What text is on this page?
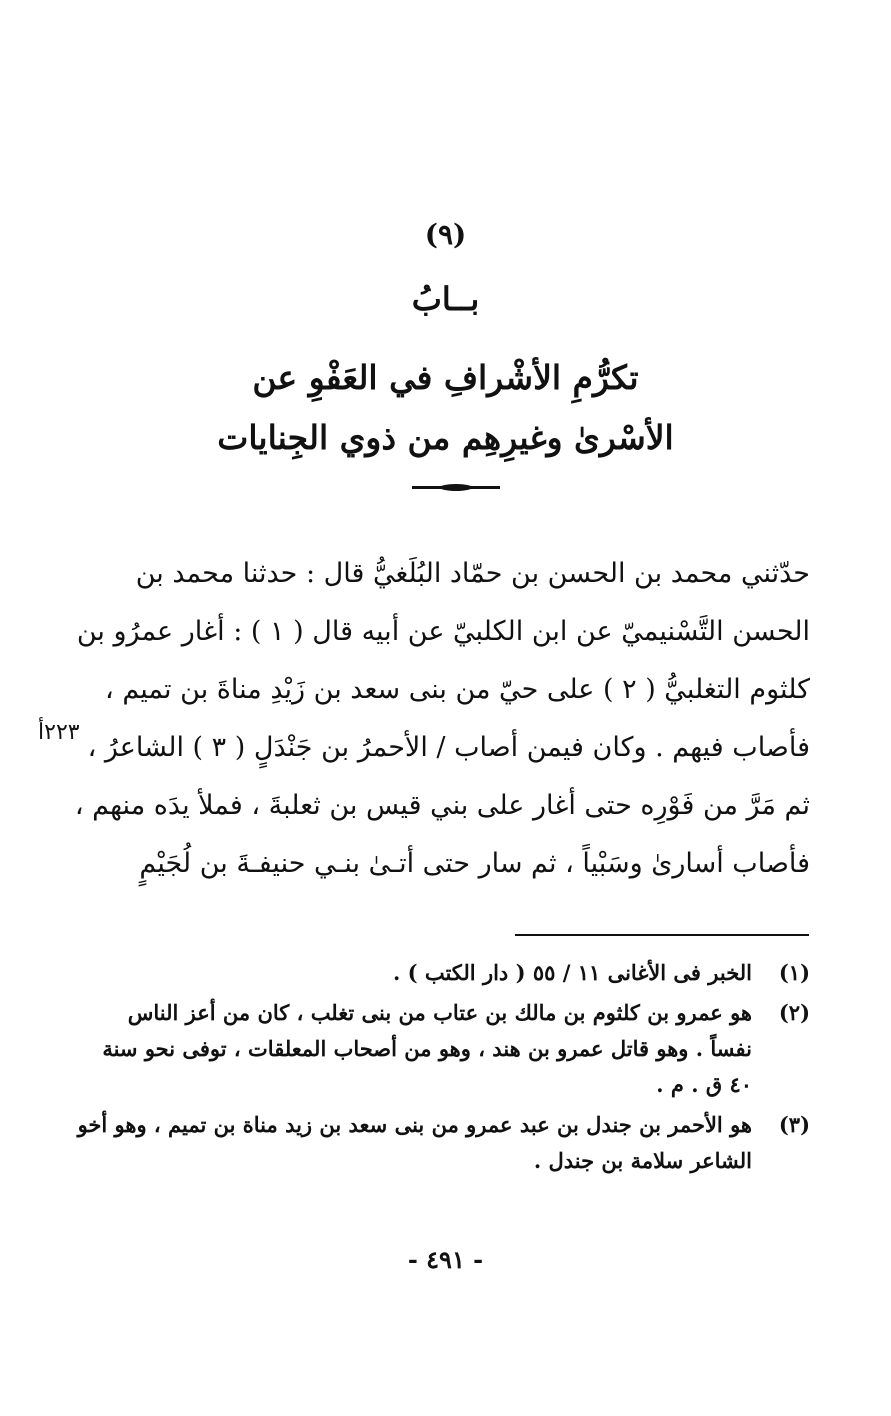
(٩)
بــابُ
تكرُّمِ الأشْرافِ في العَفْوِ عن
الأسْرىٰ وغيرِهِم من ذوي الجِنايات
حدّثني محمد بن الحسن بن حمّاد البُلَغيُّ قال : حدثنا محمد بن
الحسن التَّسْنيميّ عن ابن الكلبيّ عن أبيه قال ( ١ ) : أغار عمرُو بن
كلثوم التغلبيُّ ( ٢ ) على حيّ من بنى سعد بن زَيْدِ مناةَ بن تميم ،
فأصاب فيهم . وكان فيمن أصاب / الأحمرُ بن جَنْدَلٍ ( ٣ ) الشاعرُ ،
ثم مَرَّ من فَوْرِه حتى أغار على بني قيس بن ثعلبةَ ، فملأ يدَه منهم ،
فأصاب أسارىٰ وسَبْياً ، ثم سار حتى أتـىٰ بنـي حنيفـةَ بن لُجَيْمٍ
٢٢٣أ
(١)
الخبر فى الأغانى ١١ / ٥٥ ( دار الكتب ) .
(٢)
هو عمرو بن كلثوم بن مالك بن عتاب من بنى تغلب ، كان من أعز الناس
نفساً . وهو قاتل عمرو بن هند ، وهو من أصحاب المعلقات ، توفى نحو سنة
٤٠ ق . م .
(٣)
هو الأحمر بن جندل بن عبد عمرو من بنى سعد بن زيد مناة بن تميم ، وهو أخو
الشاعر سلامة بن جندل .
- ٤٩١ -
